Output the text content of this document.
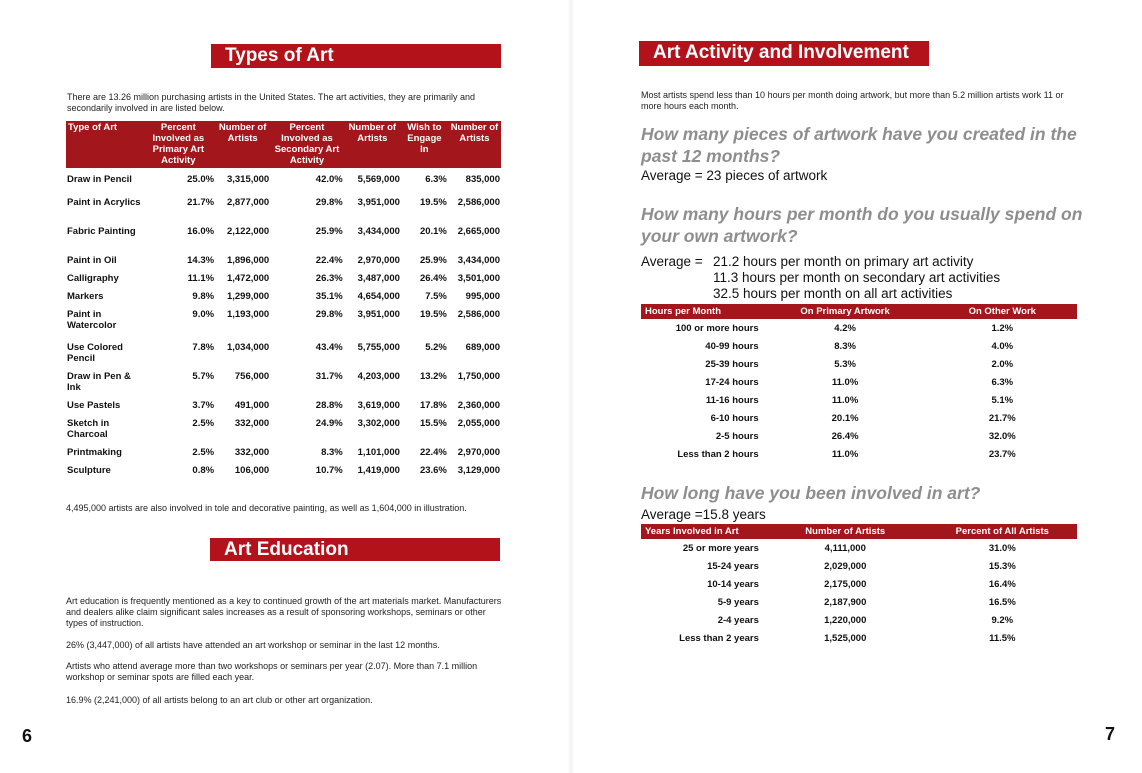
Types of Art

There are 13.26 million purchasing artists in the United States. The art activities, they are primarily and secondarily involved in are listed below.

Type of Art	Percent Involved as Primary Art Activity	Number of Artists	Percent Involved as Secondary Art Activity	Number of Artists	Wish to Engage In	Number of Artists
Draw in Pencil	25.0%	3,315,000	42.0%	5,569,000	6.3%	835,000
Paint in Acrylics	21.7%	2,877,000	29.8%	3,951,000	19.5%	2,586,000
Fabric Painting	16.0%	2,122,000	25.9%	3,434,000	20.1%	2,665,000
Paint in Oil	14.3%	1,896,000	22.4%	2,970,000	25.9%	3,434,000
Calligraphy	11.1%	1,472,000	26.3%	3,487,000	26.4%	3,501,000
Markers	9.8%	1,299,000	35.1%	4,654,000	7.5%	995,000
Paint in Watercolor	9.0%	1,193,000	29.8%	3,951,000	19.5%	2,586,000
Use Colored Pencil	7.8%	1,034,000	43.4%	5,755,000	5.2%	689,000
Draw in Pen & Ink	5.7%	756,000	31.7%	4,203,000	13.2%	1,750,000
Use Pastels	3.7%	491,000	28.8%	3,619,000	17.8%	2,360,000
Sketch in Charcoal	2.5%	332,000	24.9%	3,302,000	15.5%	2,055,000
Printmaking	2.5%	332,000	8.3%	1,101,000	22.4%	2,970,000
Sculpture	0.8%	106,000	10.7%	1,419,000	23.6%	3,129,000

4,495,000 artists are also involved in tole and decorative painting, as well as 1,604,000 in illustration.

Art Education

Art education is frequently mentioned as a key to continued growth of the art materials market. Manufacturers and dealers alike claim significant sales increases as a result of sponsoring workshops, seminars or other types of instruction.

26% (3,447,000) of all artists have attended an art workshop or seminar in the last 12 months.

Artists who attend average more than two workshops or seminars per year (2.07). More than 7.1 million workshop or seminar spots are filled each year.

16.9% (2,241,000) of all artists belong to an art club or other art organization.

6
Art Activity and Involvement

Most artists spend less than 10 hours per month doing artwork, but more than 5.2 million artists work 11 or more hours each month.

How many pieces of artwork have you created in the past 12 months?

Average = 23 pieces of artwork

How many hours per month do you usually spend on your own artwork?

Average = 21.2 hours per month on primary art activity
11.3 hours per month on secondary art activities
32.5 hours per month on all art activities
Hours per Month	On Primary Artwork	On Other Work
100 or more hours	4.2%	1.2%
40-99 hours	8.3%	4.0%
25-39 hours	5.3%	2.0%
17-24 hours	11.0%	6.3%
11-16 hours	11.0%	5.1%
6-10 hours	20.1%	21.7%
2-5 hours	26.4%	32.0%
Less than 2 hours	11.0%	23.7%

How long have you been involved in art?

Average =15.8 years
Years Involved in Art	Number of Artists	Percent of All Artists
25 or more years	4,111,000	31.0%
15-24 years	2,029,000	15.3%
10-14 years	2,175,000	16.4%
5-9 years	2,187,900	16.5%
2-4 years	1,220,000	9.2%
Less than 2 years	1,525,000	11.5%
7
